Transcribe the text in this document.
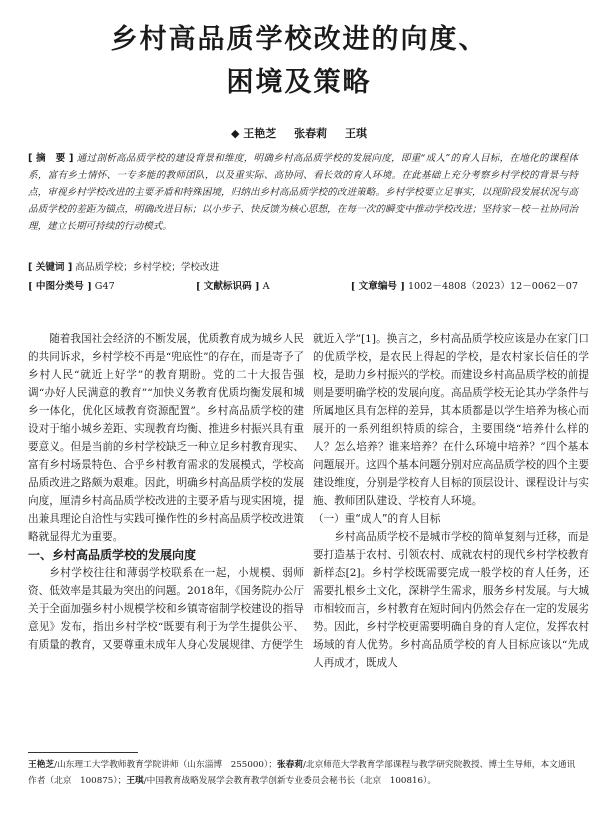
乡村高品质学校改进的向度、
困境及策略
◆ 王艳芝 张春莉 王琪
[ 摘　要 ] 通过剖析高品质学校的建设背景和维度，明确乡村高品质学校的发展向度，即重“成人”的育人目标，在地化的课程体系，富有乡土情怀、一专多能的教师团队，以及重实际、高协同、看长效的育人环境。在此基础上充分考察乡村学校的背景与特点，审视乡村学校改进的主要矛盾和特殊困境，归纳出乡村高品质学校的改进策略。乡村学校要立足事实，以现阶段发展状况与高品质学校的差距为锚点，明确改进目标；以小步子、快反馈为核心思想，在每一次的瞬变中推动学校改进；坚持家－校－社协同治理，建立长期可持续的行动模式。
[ 关键词 ] 高品质学校；乡村学校；学校改进
[ 中图分类号 ] G47	[ 文献标识码 ] A	[ 文章编号 ] 1002－4808（2023）12－0062－07

随着我国社会经济的不断发展，优质教育成为城乡人民的共同诉求，乡村学校不再是“兜底性”的存在，而是寄予了乡村人民“就近上好学”的教育期盼。党的二十大报告强调“办好人民满意的教育”“加快义务教育优质均衡发展和城乡一体化，优化区域教育资源配置”。乡村高品质学校的建设对于缩小城乡差距、实现教育均衡、推进乡村振兴具有重要意义。但是当前的乡村学校缺乏一种立足乡村教育现实、富有乡村场景特色、合乎乡村教育需求的发展模式，学校高品质改进之路颇为艰难。因此，明确乡村高品质学校的发展向度，厘清乡村高品质学校改进的主要矛盾与现实困境，提出兼具理论自洽性与实践可操作性的乡村高品质学校改进策略就显得尤为重要。

一、乡村高品质学校的发展向度

乡村学校往往和薄弱学校联系在一起，小规模、弱师资、低效率是其最为突出的问题。2018年，《国务院办公厅关于全面加强乡村小规模学校和乡镇寄宿制学校建设的指导意见》发布，指出乡村学校“既要有利于为学生提供公平、有质量的教育，又要尊重未成年人身心发展规律、方便学生

就近入学”[1]。换言之，乡村高品质学校应该是办在家门口的优质学校，是农民上得起的学校，是农村家长信任的学校，是助力乡村振兴的学校。而建设乡村高品质学校的前提则是要明确学校的发展向度。高品质学校无论其办学条件与所属地区具有怎样的差异，其本质都是以学生培养为核心而展开的一系列组织特质的综合，主要围绕“培养什么样的人？怎么培养？谁来培养？在什么环境中培养？”四个基本问题展开。这四个基本问题分别对应高品质学校的四个主要建设维度，分别是学校育人目标的顶层设计、课程设计与实施、教师团队建设、学校育人环境。

（一）重“成人”的育人目标

乡村高品质学校不是城市学校的简单复刻与迁移，而是要打造基于农村、引领农村、成就农村的现代乡村学校教育新样态[2]。乡村学校既需要完成一般学校的育人任务，还需要扎根乡土文化，深耕学生需求，服务乡村发展。与大城市相较而言，乡村教育在短时间内仍然会存在一定的发展劣势。因此，乡村学校更需要明确自身的育人定位，发挥农村场域的育人优势。乡村高品质学校的育人目标应该以“先成人再成才，既成人

王艳芝/山东理工大学教师教育学院讲师（山东淄博　255000）；张春莉/北京师范大学教育学部课程与教学研究院教授、博士生导师，本文通讯作者（北京　100875）；王琪/中国教育战略发展学会教育教学创新专业委员会秘书长（北京　100816）。
